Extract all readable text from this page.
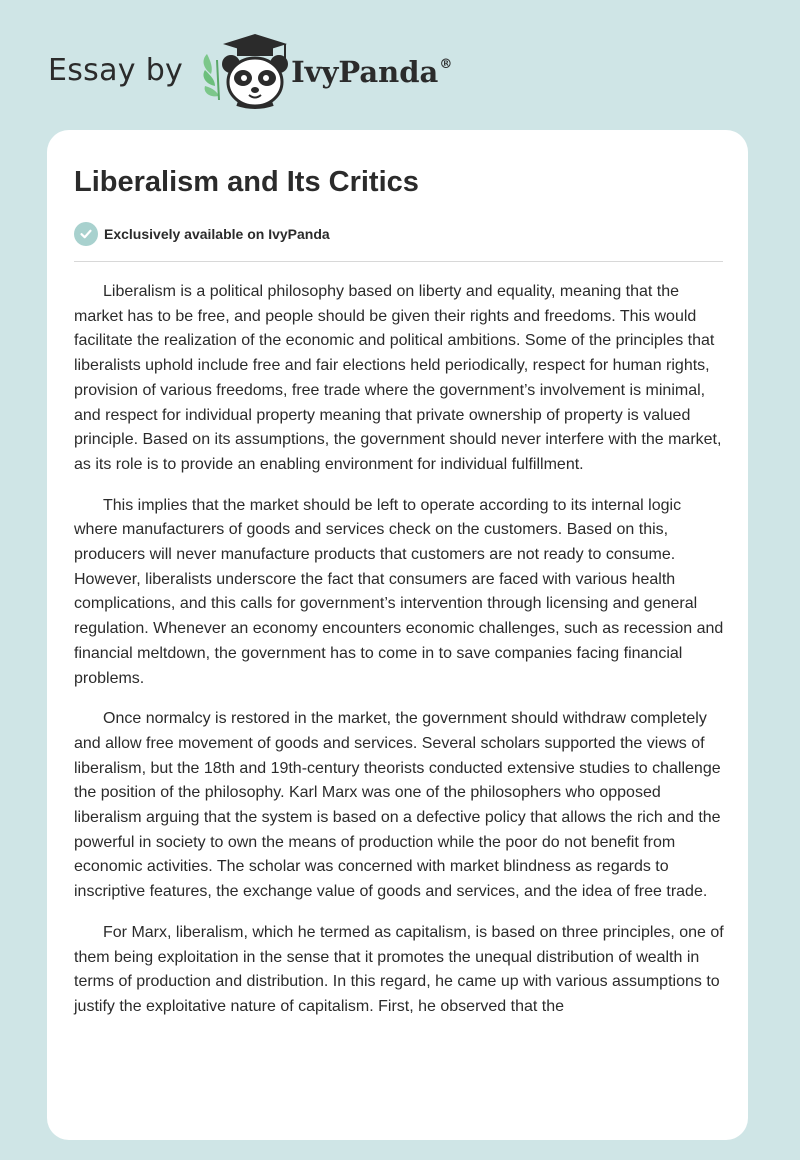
Essay by	IvyPanda®
Liberalism and Its Critics
Exclusively available on IvyPanda

Liberalism is a political philosophy based on liberty and equality, meaning that the market has to be free, and people should be given their rights and freedoms. This would facilitate the realization of the economic and political ambitions. Some of the principles that liberalists uphold include free and fair elections held periodically, respect for human rights, provision of various freedoms, free trade where the government’s involvement is minimal, and respect for individual property meaning that private ownership of property is valued principle. Based on its assumptions, the government should never interfere with the market, as its role is to provide an enabling environment for individual fulfillment.

This implies that the market should be left to operate according to its internal logic where manufacturers of goods and services check on the customers. Based on this, producers will never manufacture products that customers are not ready to consume. However, liberalists underscore the fact that consumers are faced with various health complications, and this calls for government’s intervention through licensing and general regulation. Whenever an economy encounters economic challenges, such as recession and financial meltdown, the government has to come in to save companies facing financial problems.

Once normalcy is restored in the market, the government should withdraw completely and allow free movement of goods and services. Several scholars supported the views of liberalism, but the 18th and 19th-century theorists conducted extensive studies to challenge the position of the philosophy. Karl Marx was one of the philosophers who opposed liberalism arguing that the system is based on a defective policy that allows the rich and the powerful in society to own the means of production while the poor do not benefit from economic activities. The scholar was concerned with market blindness as regards to inscriptive features, the exchange value of goods and services, and the idea of free trade.

For Marx, liberalism, which he termed as capitalism, is based on three principles, one of them being exploitation in the sense that it promotes the unequal distribution of wealth in terms of production and distribution. In this regard, he came up with various assumptions to justify the exploitative nature of capitalism. First, he observed that the
